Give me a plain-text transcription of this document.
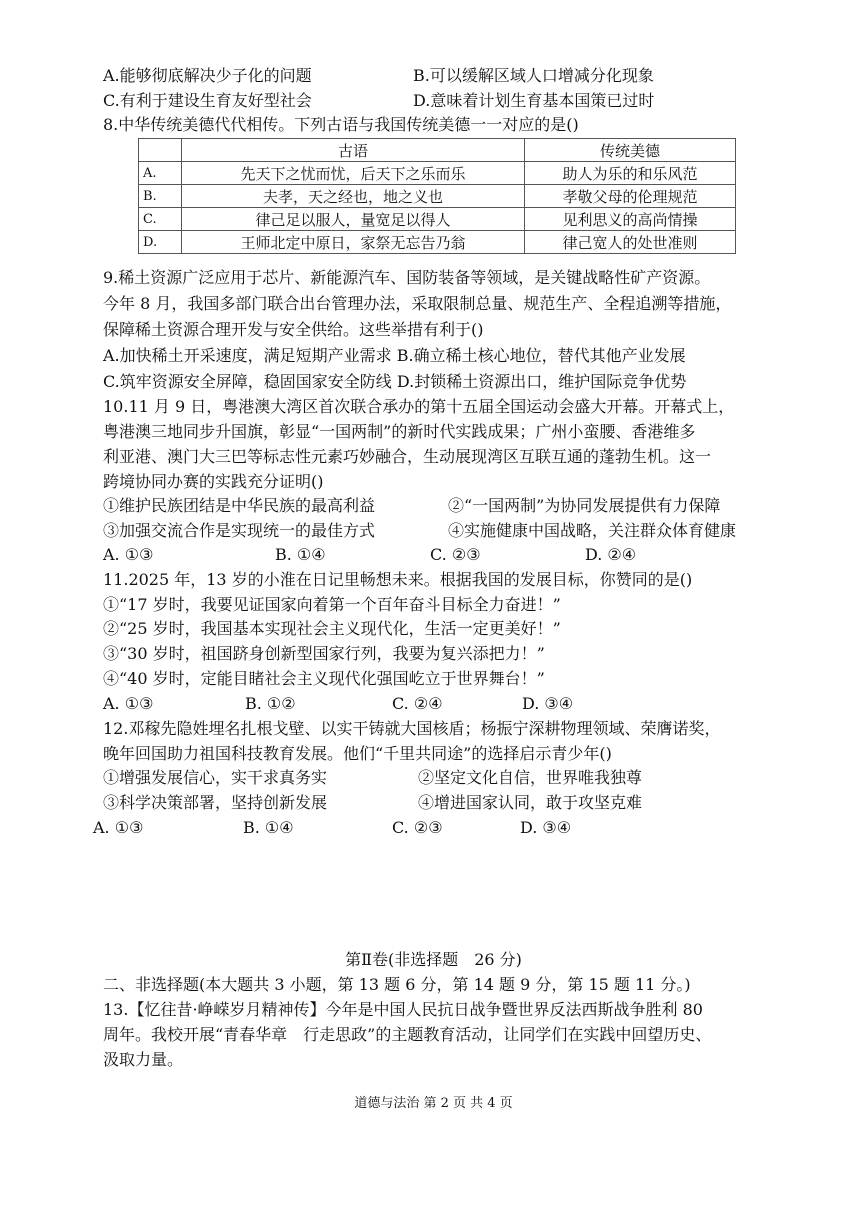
A.能够彻底解决少子化的问题	B.可以缓解区域人口增减分化现象
C.有利于建设生育友好型社会	D.意味着计划生育基本国策已过时
8.中华传统美德代代相传。下列古语与我国传统美德一一对应的是()
	古语	传统美德
A.	先天下之忧而忧，后天下之乐而乐	助人为乐的和乐风范
B.	夫孝，天之经也，地之义也	孝敬父母的伦理规范
C.	律己足以服人，量宽足以得人	见利思义的高尚情操
D.	王师北定中原日，家祭无忘告乃翁	律己宽人的处世准则
9.稀土资源广泛应用于芯片、新能源汽车、国防装备等领域，是关键战略性矿产资源。
今年 8 月，我国多部门联合出台管理办法，采取限制总量、规范生产、全程追溯等措施，
保障稀土资源合理开发与安全供给。这些举措有利于()
A.加快稀土开采速度，满足短期产业需求 B.确立稀土核心地位，替代其他产业发展
C.筑牢资源安全屏障，稳固国家安全防线 D.封锁稀土资源出口，维护国际竞争优势
10.11 月 9 日，粤港澳大湾区首次联合承办的第十五届全国运动会盛大开幕。开幕式上，
粤港澳三地同步升国旗，彰显“一国两制”的新时代实践成果；广州小蛮腰、香港维多
利亚港、澳门大三巴等标志性元素巧妙融合，生动展现湾区互联互通的蓬勃生机。这一
跨境协同办赛的实践充分证明()
①维护民族团结是中华民族的最高利益	②“一国两制”为协同发展提供有力保障
③加强交流合作是实现统一的最佳方式	④实施健康中国战略，关注群众体育健康
A. ①③	B. ①④	C. ②③	D. ②④
11.2025 年，13 岁的小淮在日记里畅想未来。根据我国的发展目标，你赞同的是()
①“17 岁时，我要见证国家向着第一个百年奋斗目标全力奋进！”
②“25 岁时，我国基本实现社会主义现代化，生活一定更美好！”
③“30 岁时，祖国跻身创新型国家行列，我要为复兴添把力！”
④“40 岁时，定能目睹社会主义现代化强国屹立于世界舞台！”
A. ①③	B. ①②	C. ②④	D. ③④
12.邓稼先隐姓埋名扎根戈壁、以实干铸就大国核盾；杨振宁深耕物理领域、荣膺诺奖，
晚年回国助力祖国科技教育发展。他们“千里共同途”的选择启示青少年()
①增强发展信心，实干求真务实	②坚定文化自信，世界唯我独尊
③科学决策部署，坚持创新发展	④增进国家认同，敢于攻坚克难
A. ①③	B. ①④	C. ②③	D. ③④
第Ⅱ卷(非选择题　26 分)
二、非选择题(本大题共 3 小题，第 13 题 6 分，第 14 题 9 分，第 15 题 11 分。)
13.【忆往昔·峥嵘岁月精神传】今年是中国人民抗日战争暨世界反法西斯战争胜利 80
周年。我校开展“青春华章　行走思政”的主题教育活动，让同学们在实践中回望历史、
汲取力量。
道德与法治 第 2 页 共 4 页
